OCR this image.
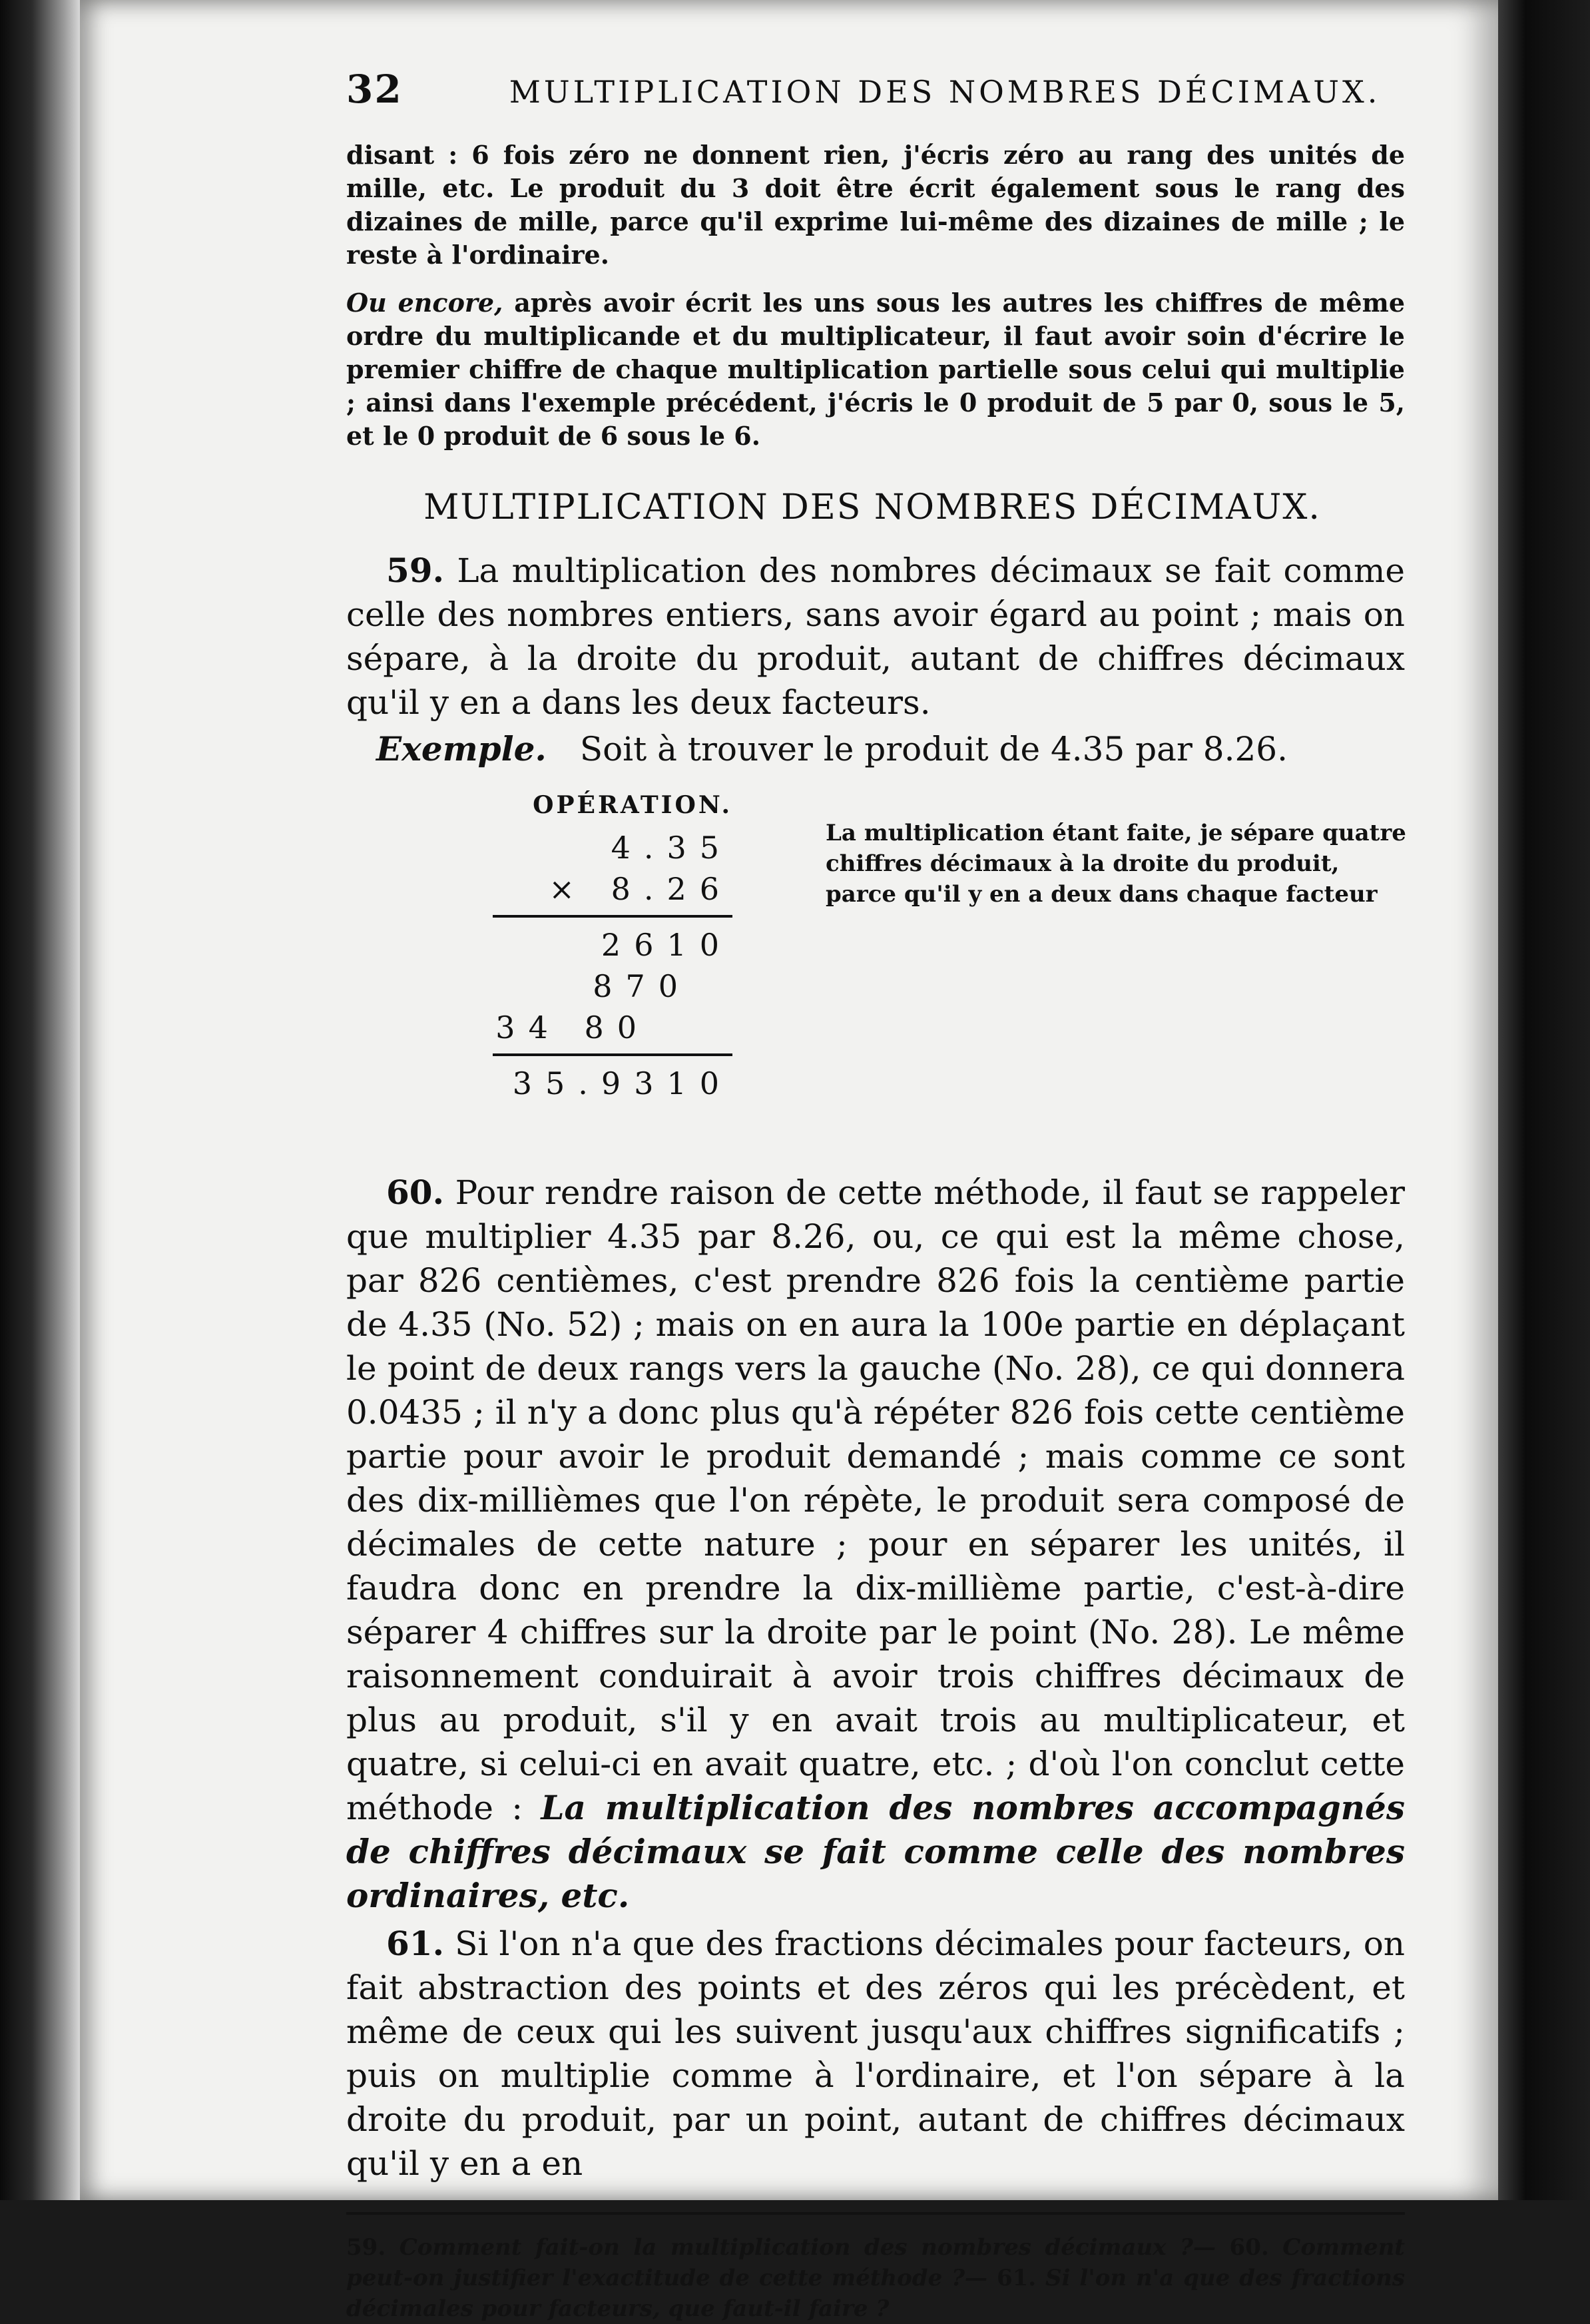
32	MULTIPLICATION DES NOMBRES DÉCIMAUX.

disant : 6 fois zéro ne donnent rien, j'écris zéro au rang des unités de mille, etc. Le produit du 3 doit être écrit également sous le rang des dizaines de mille, parce qu'il exprime lui-même des dizaines de mille ; le reste à l'ordinaire.

Ou encore, après avoir écrit les uns sous les autres les chiffres de même ordre du multiplicande et du multiplicateur, il faut avoir soin d'écrire le premier chiffre de chaque multiplication partielle sous celui qui multiplie ; ainsi dans l'exemple précédent, j'écris le 0 produit de 5 par 0, sous le 5, et le 0 produit de 6 sous le 6.

MULTIPLICATION DES NOMBRES DÉCIMAUX.

59. La multiplication des nombres décimaux se fait comme celle des nombres entiers, sans avoir égard au point ; mais on sépare, à la droite du produit, autant de chiffres décimaux qu'il y en a dans les deux facteurs.

Exemple. Soit à trouver le produit de 4.35 par 8.26.
OPÉRATION.
4.35
× 8.26
2610
870
34 80
35.9310
La multiplication étant faite, je sépare quatre chiffres décimaux à la droite du produit, parce qu'il y en a deux dans chaque facteur

60. Pour rendre raison de cette méthode, il faut se rappeler que multiplier 4.35 par 8.26, ou, ce qui est la même chose, par 826 centièmes, c'est prendre 826 fois la centième partie de 4.35 (No. 52) ; mais on en aura la 100e partie en déplaçant le point de deux rangs vers la gauche (No. 28), ce qui donnera 0.0435 ; il n'y a donc plus qu'à répéter 826 fois cette centième partie pour avoir le produit demandé ; mais comme ce sont des dix-millièmes que l'on répète, le produit sera composé de décimales de cette nature ; pour en séparer les unités, il faudra donc en prendre la dix-millième partie, c'est-à-dire séparer 4 chiffres sur la droite par le point (No. 28). Le même raisonnement conduirait à avoir trois chiffres décimaux de plus au produit, s'il y en avait trois au multiplicateur, et quatre, si celui-ci en avait quatre, etc. ; d'où l'on conclut cette méthode : La multiplication des nombres accompagnés de chiffres décimaux se fait comme celle des nombres ordinaires, etc.

61. Si l'on n'a que des fractions décimales pour facteurs, on fait abstraction des points et des zéros qui les précèdent, et même de ceux qui les suivent jusqu'aux chiffres significatifs ; puis on multiplie comme à l'ordinaire, et l'on sépare à la droite du produit, par un point, autant de chiffres décimaux qu'il y en a en

59. Comment fait-on la multiplication des nombres décimaux ?— 60. Comment peut-on justifier l'exactitude de cette méthode ?— 61. Si l'on n'a que des fractions décimales pour facteurs, que faut-il faire ?
